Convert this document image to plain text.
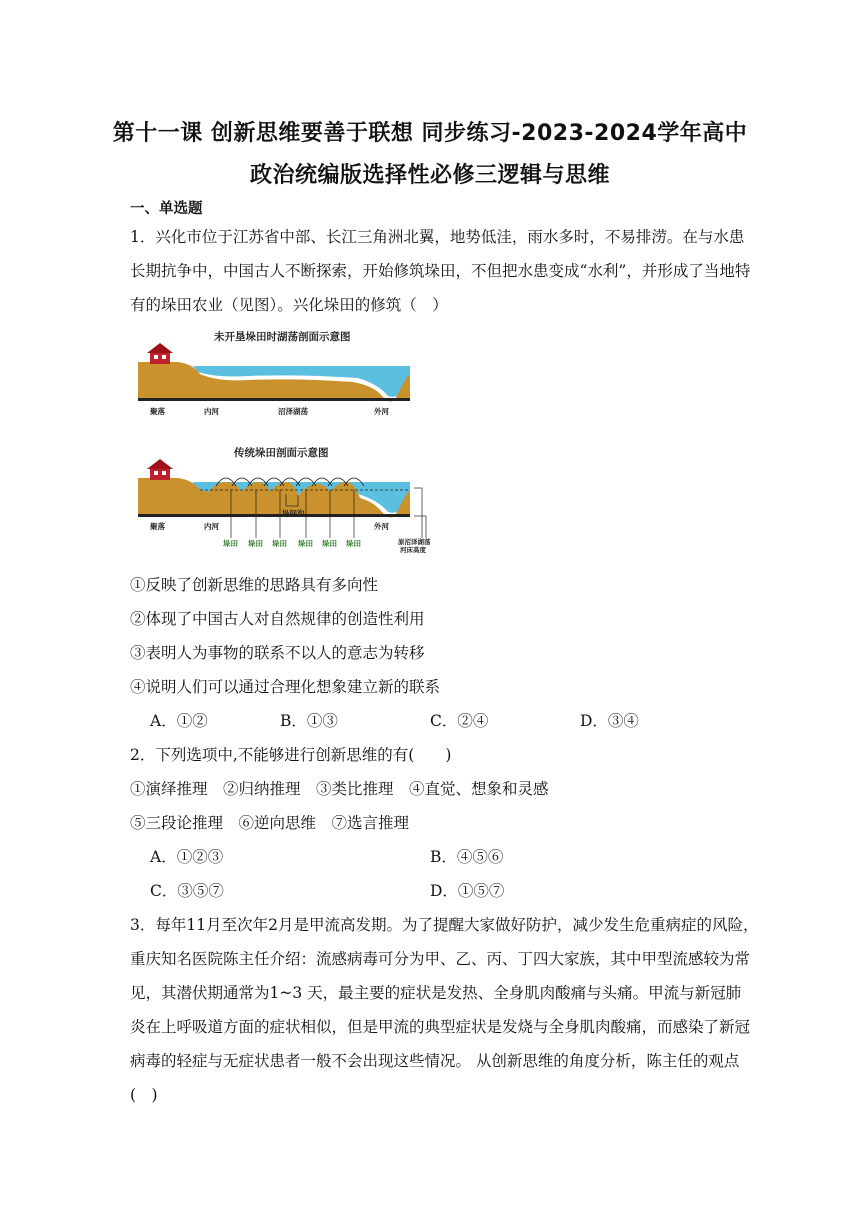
第十一课 创新思维要善于联想 同步练习-2023-2024学年高中
政治统编版选择性必修三逻辑与思维
一、单选题
1．兴化市位于江苏省中部、长江三角洲北翼，地势低洼，雨水多时，不易排涝。在与水患
长期抗争中，中国古人不断探索，开始修筑垛田，不但把水患变成“水利”，并形成了当地特
有的垛田农业（见图）。兴化垛田的修筑（　）
未开垦垛田时湖荡剖面示意图
聚落	内河	沼泽湖荡	外河
传统垛田剖面示意图
聚落	内河	外河
垛间沟
垛田 垛田 垛田 垛田 垛田	原沼泽湖荡
河床高度
垛田
①反映了创新思维的思路具有多向性
②体现了中国古人对自然规律的创造性利用
③表明人为事物的联系不以人的意志为转移
④说明人们可以通过合理化想象建立新的联系
A．①②	B．①③	C．②④	D．③④
2．下列选项中,不能够进行创新思维的有(　　)
①演绎推理　②归纳推理　③类比推理　④直觉、想象和灵感
⑤三段论推理　⑥逆向思维　⑦选言推理
A．①②③	B．④⑤⑥
C．③⑤⑦	D．①⑤⑦
3．每年11月至次年2月是甲流高发期。为了提醒大家做好防护，减少发生危重病症的风险，
重庆知名医院陈主任介绍：流感病毒可分为甲、乙、丙、丁四大家族，其中甲型流感较为常
见，其潜伏期通常为1~3 天，最主要的症状是发热、全身肌肉酸痛与头痛。甲流与新冠肺
炎在上呼吸道方面的症状相似，但是甲流的典型症状是发烧与全身肌肉酸痛，而感染了新冠
病毒的轻症与无症状患者一般不会出现这些情况。 从创新思维的角度分析，陈主任的观点
(　)
